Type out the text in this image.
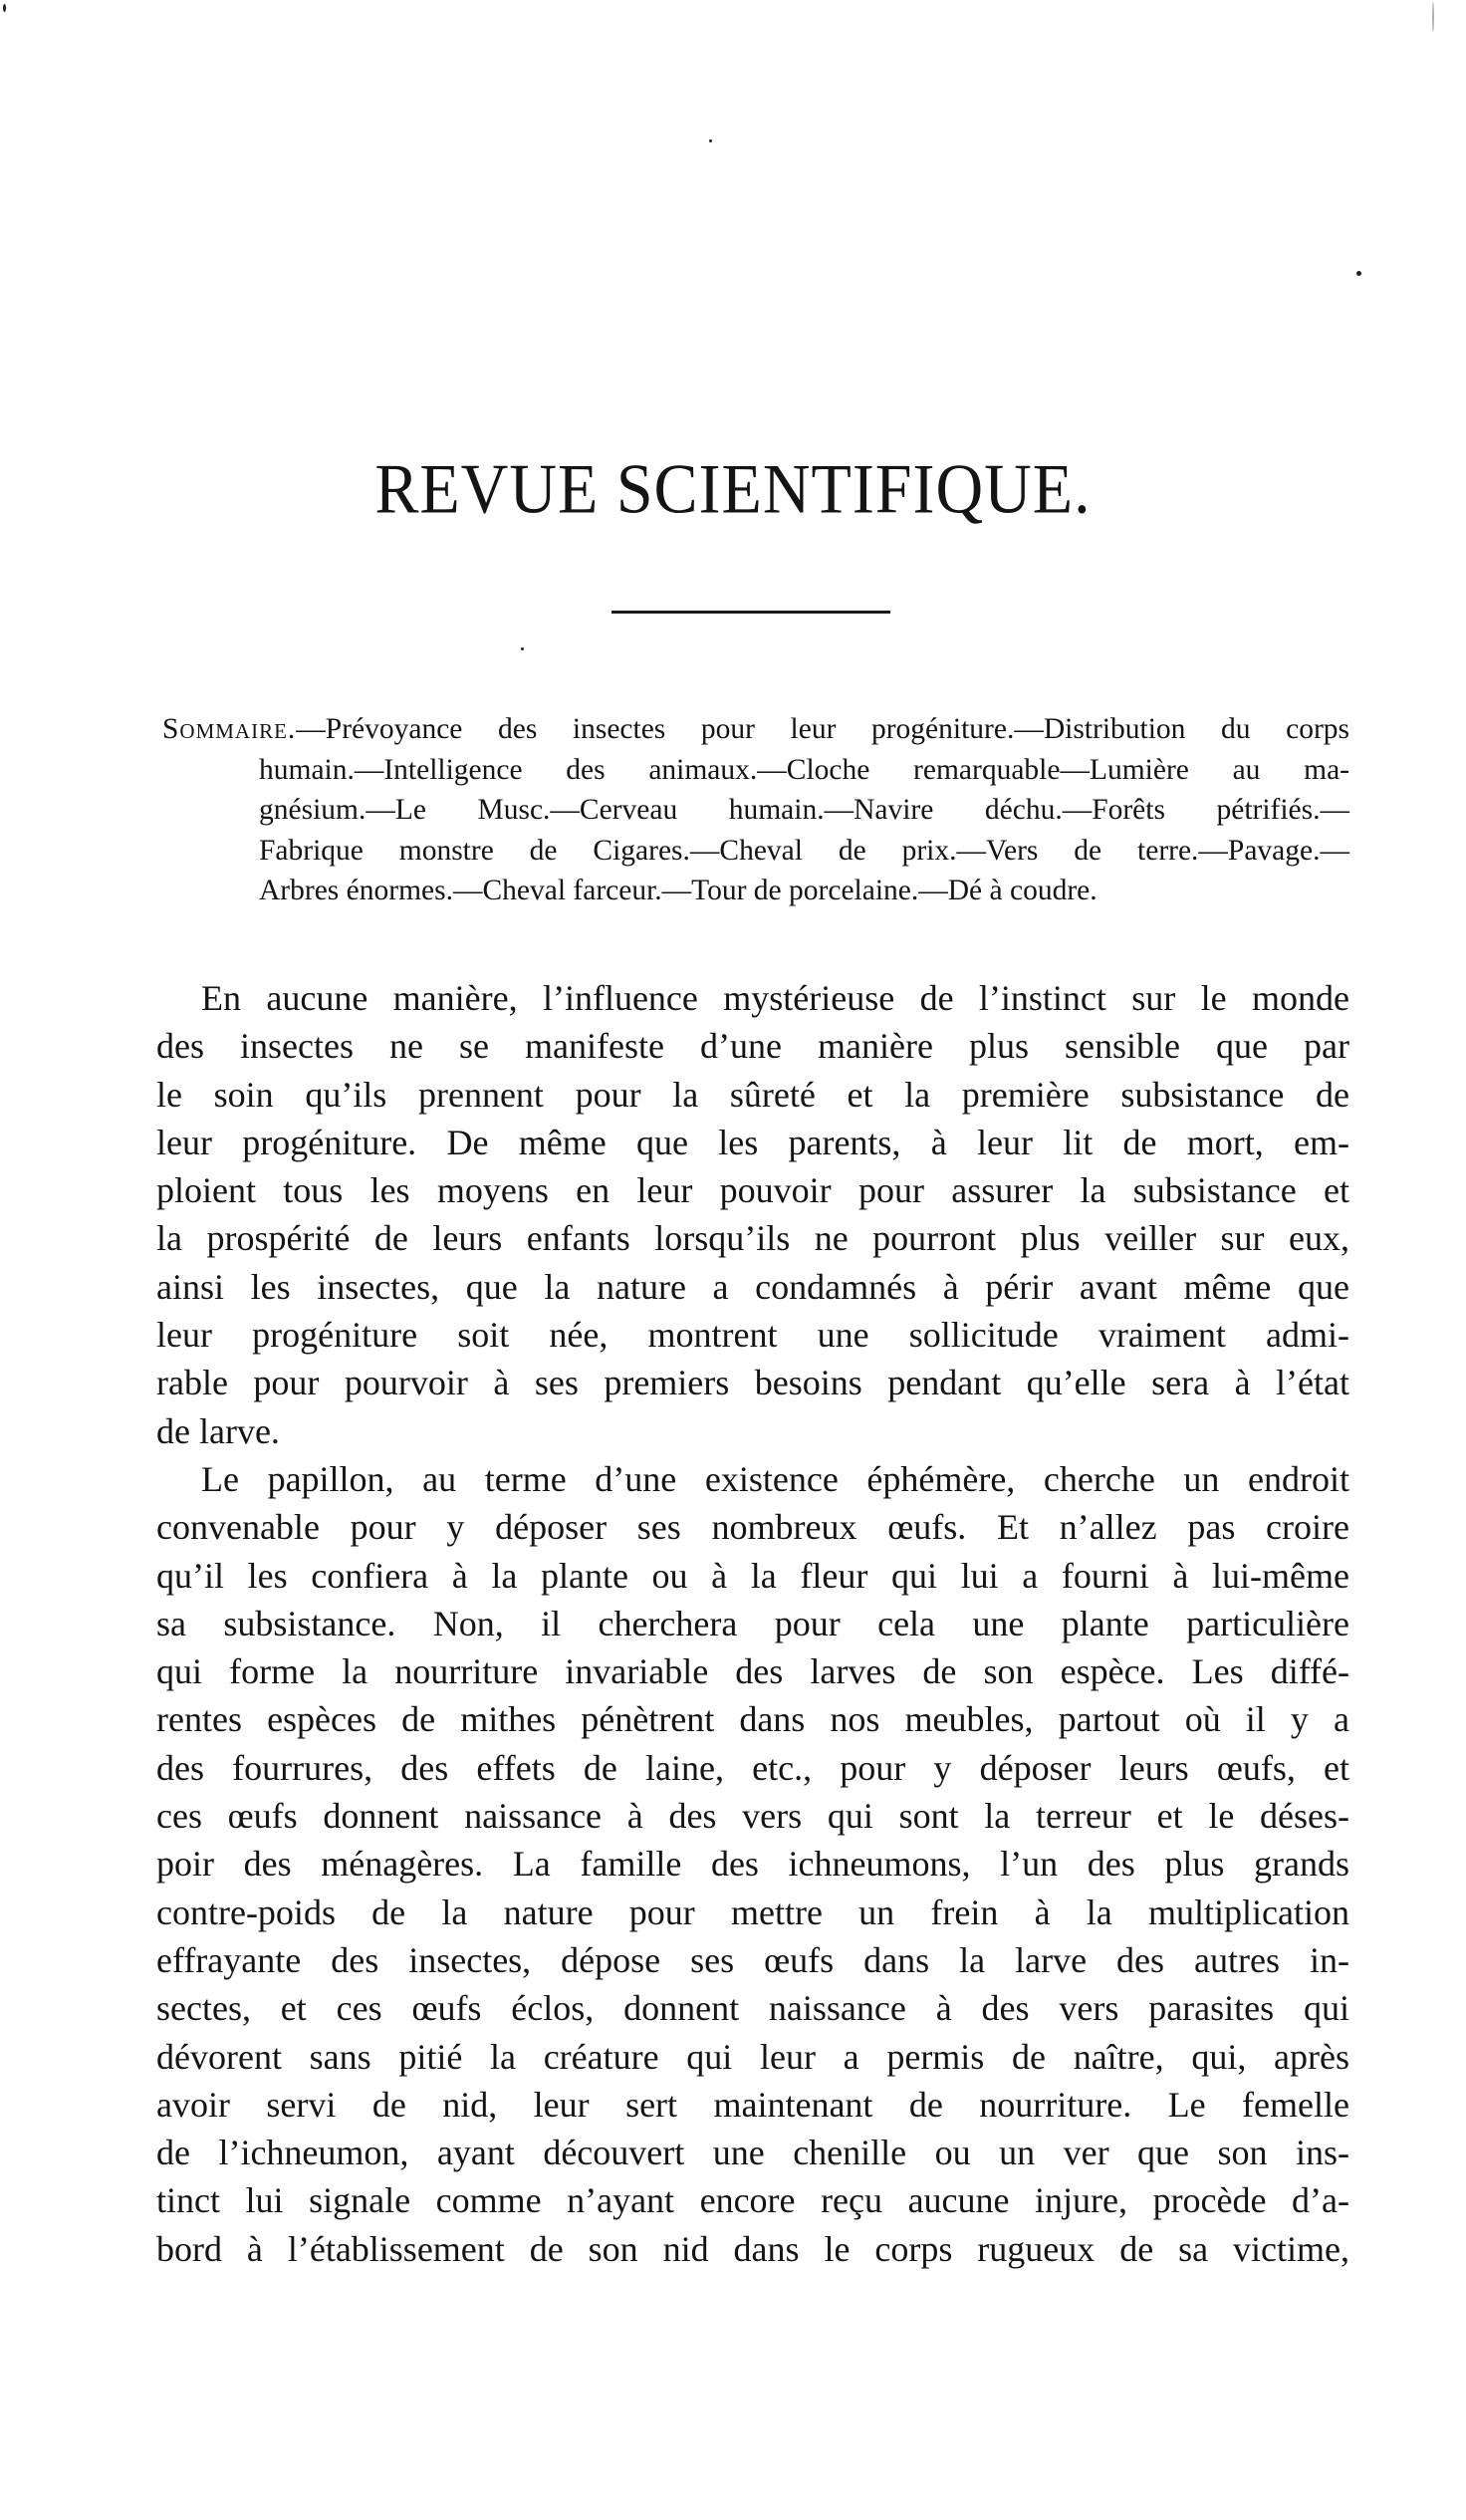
REVUE SCIENTIFIQUE.
Sommaire.—Prévoyance des insectes pour leur progéniture.—Distribution du corps
humain.—Intelligence des animaux.—Cloche remarquable—Lumière au ma-
gnésium.—Le Musc.—Cerveau humain.—Navire déchu.—Forêts pétrifiés.—
Fabrique monstre de Cigares.—Cheval de prix.—Vers de terre.—Pavage.—
Arbres énormes.—Cheval farceur.—Tour de porcelaine.—Dé à coudre.
En aucune manière, l’influence mystérieuse de l’instinct sur le monde
des insectes ne se manifeste d’une manière plus sensible que par
le soin qu’ils prennent pour la sûreté et la première subsistance de
leur progéniture. De même que les parents, à leur lit de mort, em-
ploient tous les moyens en leur pouvoir pour assurer la subsistance et
la prospérité de leurs enfants lorsqu’ils ne pourront plus veiller sur eux,
ainsi les insectes, que la nature a condamnés à périr avant même que
leur progéniture soit née, montrent une sollicitude vraiment admi-
rable pour pourvoir à ses premiers besoins pendant qu’elle sera à l’état
de larve.
Le papillon, au terme d’une existence éphémère, cherche un endroit
convenable pour y déposer ses nombreux œufs. Et n’allez pas croire
qu’il les confiera à la plante ou à la fleur qui lui a fourni à lui-même
sa subsistance. Non, il cherchera pour cela une plante particulière
qui forme la nourriture invariable des larves de son espèce. Les diffé-
rentes espèces de mithes pénètrent dans nos meubles, partout où il y a
des fourrures, des effets de laine, etc., pour y déposer leurs œufs, et
ces œufs donnent naissance à des vers qui sont la terreur et le déses-
poir des ménagères. La famille des ichneumons, l’un des plus grands
contre-poids de la nature pour mettre un frein à la multiplication
effrayante des insectes, dépose ses œufs dans la larve des autres in-
sectes, et ces œufs éclos, donnent naissance à des vers parasites qui
dévorent sans pitié la créature qui leur a permis de naître, qui, après
avoir servi de nid, leur sert maintenant de nourriture. Le femelle
de l’ichneumon, ayant découvert une chenille ou un ver que son ins-
tinct lui signale comme n’ayant encore reçu aucune injure, procède d’a-
bord à l’établissement de son nid dans le corps rugueux de sa victime,
